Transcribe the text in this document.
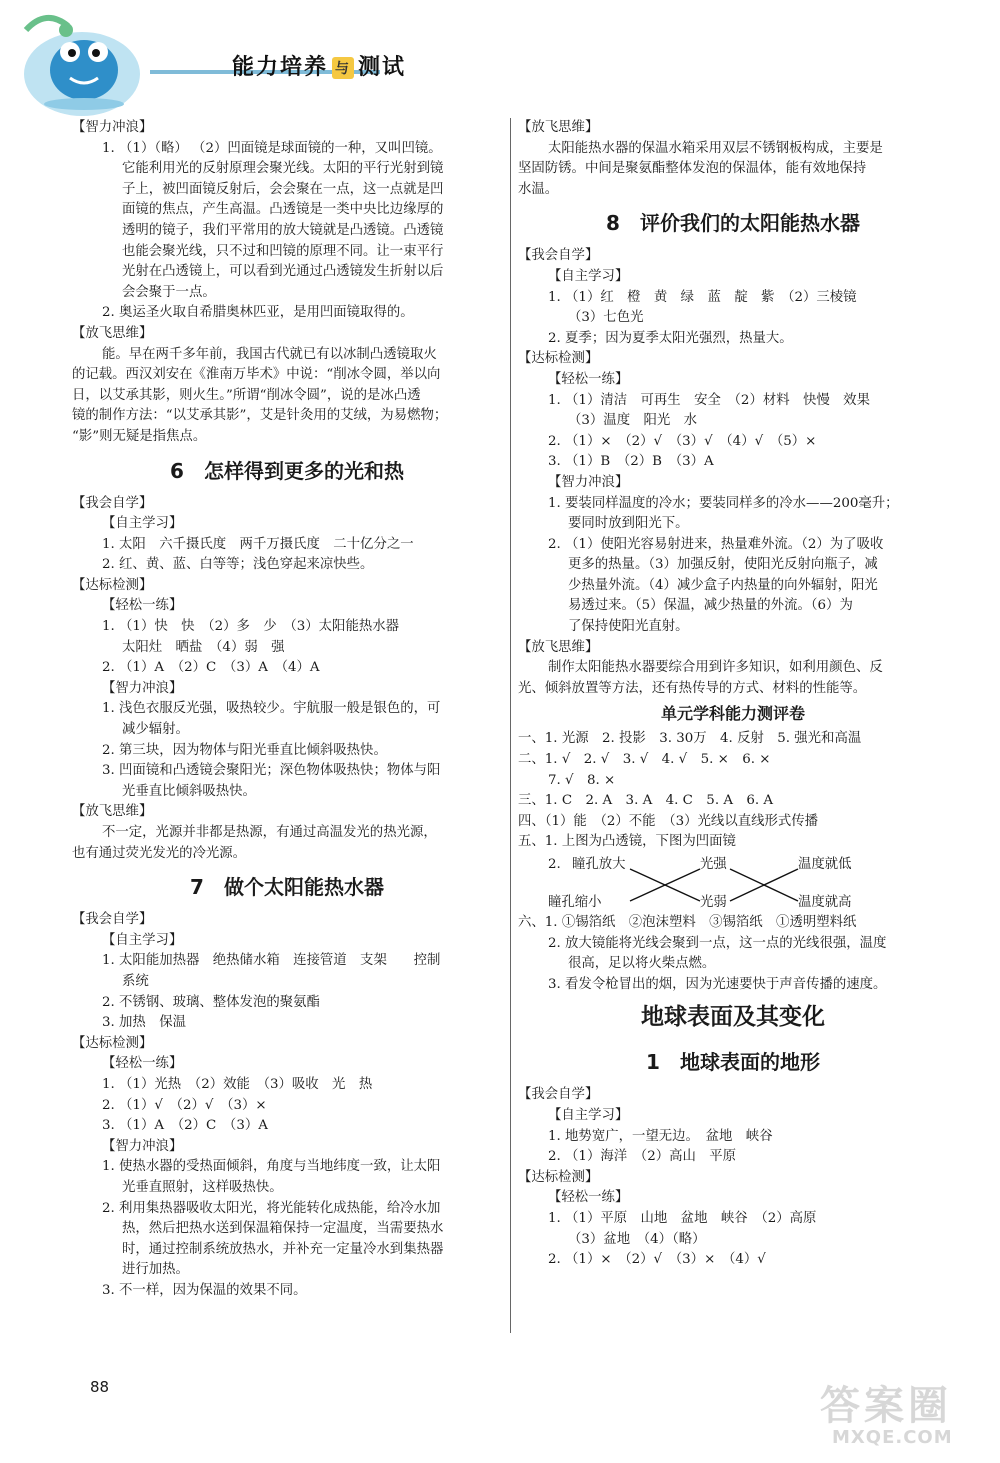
能力培养 与 测试
【智力冲浪】
1. （1）（略） （2）凹面镜是球面镜的一种，又叫凹镜。
它能利用光的反射原理会聚光线。太阳的平行光射到镜
子上，被凹面镜反射后，会会聚在一点，这一点就是凹
面镜的焦点，产生高温。凸透镜是一类中央比边缘厚的
透明的镜子，我们平常用的放大镜就是凸透镜。凸透镜
也能会聚光线，只不过和凹镜的原理不同。让一束平行
光射在凸透镜上，可以看到光通过凸透镜发生折射以后
会会聚于一点。
2. 奥运圣火取自希腊奥林匹亚，是用凹面镜取得的。
【放飞思维】
能。早在两千多年前，我国古代就已有以冰制凸透镜取火
的记载。西汉刘安在《淮南万毕术》中说：“削冰令圆，举以向
日，以艾承其影，则火生。”所谓“削冰令圆”，说的是冰凸透
镜的制作方法：“以艾承其影”，艾是针灸用的艾绒，为易燃物；
“影”则无疑是指焦点。
6　怎样得到更多的光和热
【我会自学】
【自主学习】
1. 太阳　六千摄氏度　两千万摄氏度　二十亿分之一
2. 红、黄、蓝、白等等；浅色穿起来凉快些。
【达标检测】
【轻松一练】
1. （1）快　快　（2）多　少　（3）太阳能热水器
太阳灶　晒盐　（4）弱　强
2. （1）A　（2）C　（3）A　（4）A
【智力冲浪】
1. 浅色衣服反光强，吸热较少。宇航服一般是银色的，可
减少辐射。
2. 第三块，因为物体与阳光垂直比倾斜吸热快。
3. 凹面镜和凸透镜会聚阳光；深色物体吸热快；物体与阳
光垂直比倾斜吸热快。
【放飞思维】
不一定，光源并非都是热源，有通过高温发光的热光源，
也有通过荧光发光的冷光源。
7　做个太阳能热水器
【我会自学】
【自主学习】
1. 太阳能加热器　绝热储水箱　连接管道　支架　　控制
系统
2. 不锈钢、玻璃、整体发泡的聚氨酯
3. 加热　保温
【达标检测】
【轻松一练】
1. （1）光热　（2）效能　（3）吸收　光　热
2. （1）√　（2）√　（3）×
3. （1）A　（2）C　（3）A
【智力冲浪】
1. 使热水器的受热面倾斜，角度与当地纬度一致，让太阳
光垂直照射，这样吸热快。
2. 利用集热器吸收太阳光，将光能转化成热能，给冷水加
热，然后把热水送到保温箱保持一定温度，当需要热水
时，通过控制系统放热水，并补充一定量冷水到集热器
进行加热。
3. 不一样，因为保温的效果不同。
【放飞思维】
太阳能热水器的保温水箱采用双层不锈钢板构成，主要是
坚固防锈。中间是聚氨酯整体发泡的保温体，能有效地保持
水温。
8　评价我们的太阳能热水器
【我会自学】
【自主学习】
1. （1）红　橙　黄　绿　蓝　靛　紫　（2）三棱镜
（3）七色光
2. 夏季；因为夏季太阳光强烈，热量大。
【达标检测】
【轻松一练】
1. （1）清洁　可再生　安全　（2）材料　快慢　效果
（3）温度　阳光　水
2. （1）×　（2）√　（3）√　（4）√　（5）×
3. （1）B　（2）B　（3）A
【智力冲浪】
1. 要装同样温度的冷水；要装同样多的冷水——200毫升；
要同时放到阳光下。
2. （1）使阳光容易射进来，热量难外流。（2）为了吸收
更多的热量。（3）加强反射，使阳光反射向瓶子，减
少热量外流。（4）减少盒子内热量的向外辐射，阳光
易透过来。（5）保温，减少热量的外流。（6）为
了保持使阳光直射。
【放飞思维】
制作太阳能热水器要综合用到许多知识，如利用颜色、反
光、倾斜放置等方法，还有热传导的方式、材料的性能等。
单元学科能力测评卷
一、1. 光源　2. 投影　3. 30万　4. 反射　5. 强光和高温
二、1. √　2. √　3. √　4. √　5. ×　6. ×
7. √　8. ×
三、1. C　2. A　3. A　4. C　5. A　6. A
四、（1）能　（2）不能　（3）光线以直线形式传播
五、1. 上图为凸透镜，下图为凹面镜
2. 瞳孔放大	光强	温度就低
瞳孔缩小	光弱	温度就高
六、1. ①锡箔纸　②泡沫塑料　③锡箔纸　①透明塑料纸
2. 放大镜能将光线会聚到一点，这一点的光线很强，温度
很高，足以将火柴点燃。
3. 看发令枪冒出的烟，因为光速要快于声音传播的速度。
地球表面及其变化
1　地球表面的地形
【我会自学】
【自主学习】
1. 地势宽广，一望无边。　盆地　峡谷
2. （1）海洋　（2）高山　平原
【达标检测】
【轻松一练】
1. （1）平原　山地　盆地　峡谷　（2）高原
（3）盆地　（4）（略）
2. （1）×　（2）√　（3）×　（4）√
88	答案圈
MXQE.COM
